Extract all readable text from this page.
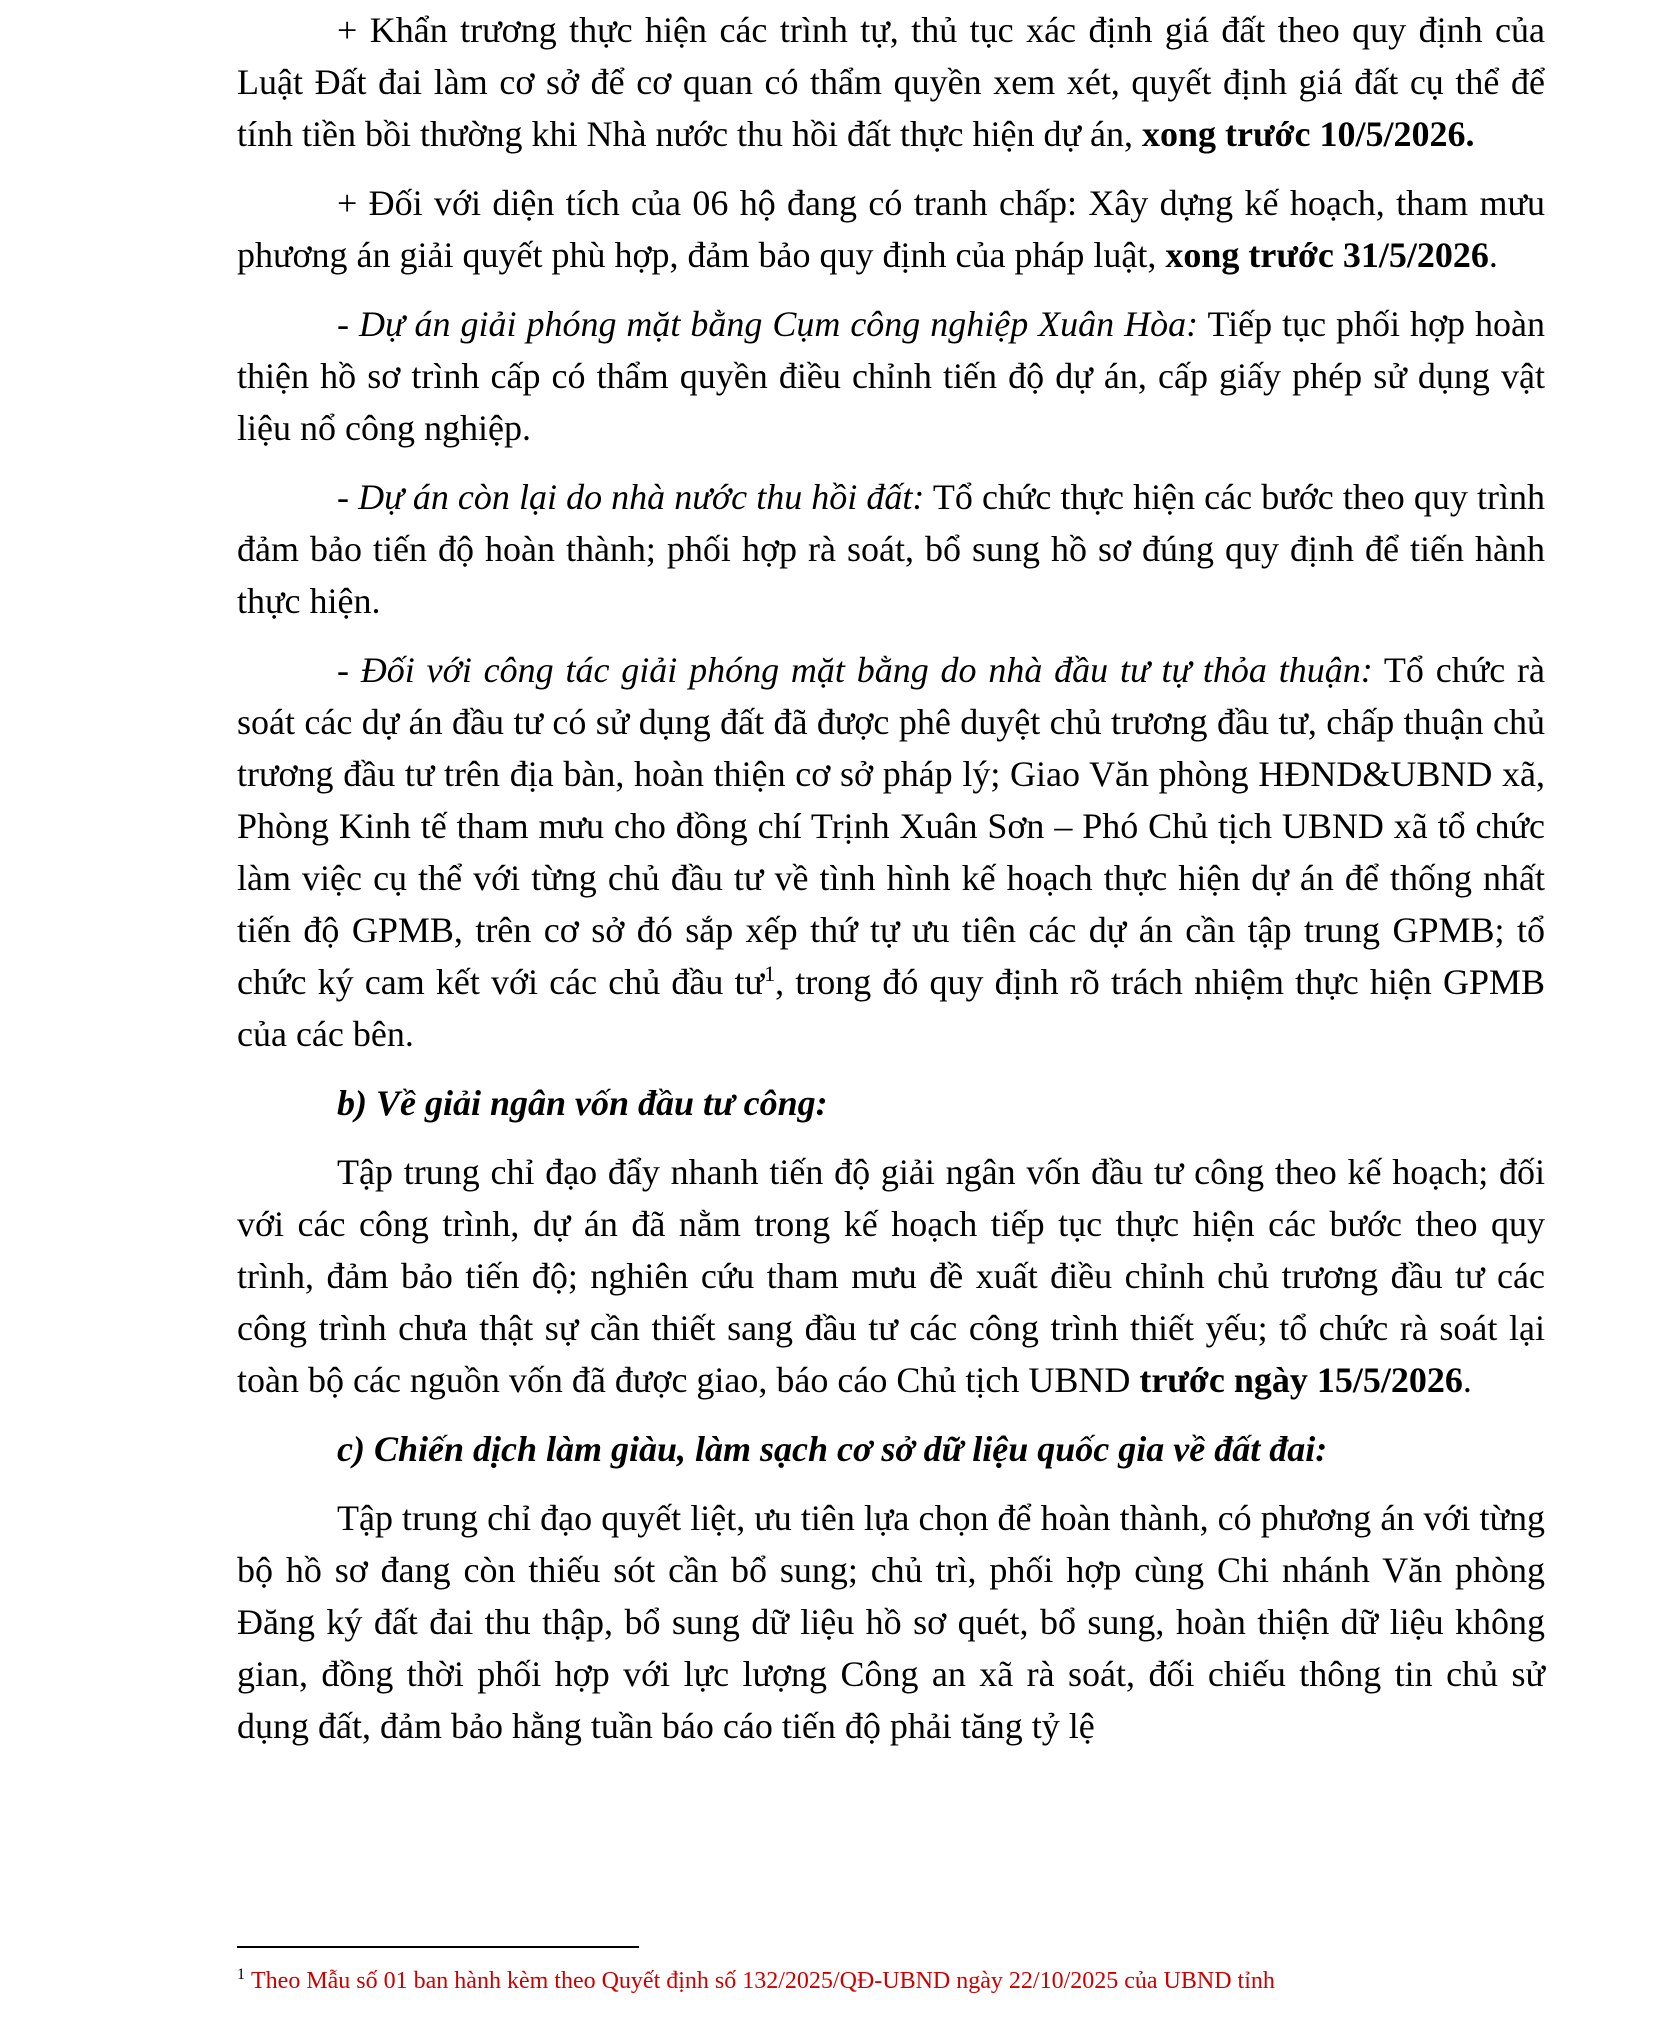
+ Khẩn trương thực hiện các trình tự, thủ tục xác định giá đất theo quy định của Luật Đất đai làm cơ sở để cơ quan có thẩm quyền xem xét, quyết định giá đất cụ thể để tính tiền bồi thường khi Nhà nước thu hồi đất thực hiện dự án, xong trước 10/5/2026.

+ Đối với diện tích của 06 hộ đang có tranh chấp: Xây dựng kế hoạch, tham mưu phương án giải quyết phù hợp, đảm bảo quy định của pháp luật, xong trước 31/5/2026.

- Dự án giải phóng mặt bằng Cụm công nghiệp Xuân Hòa: Tiếp tục phối hợp hoàn thiện hồ sơ trình cấp có thẩm quyền điều chỉnh tiến độ dự án, cấp giấy phép sử dụng vật liệu nổ công nghiệp.

- Dự án còn lại do nhà nước thu hồi đất: Tổ chức thực hiện các bước theo quy trình đảm bảo tiến độ hoàn thành; phối hợp rà soát, bổ sung hồ sơ đúng quy định để tiến hành thực hiện.

- Đối với công tác giải phóng mặt bằng do nhà đầu tư tự thỏa thuận: Tổ chức rà soát các dự án đầu tư có sử dụng đất đã được phê duyệt chủ trương đầu tư, chấp thuận chủ trương đầu tư trên địa bàn, hoàn thiện cơ sở pháp lý; Giao Văn phòng HĐND&UBND xã, Phòng Kinh tế tham mưu cho đồng chí Trịnh Xuân Sơn – Phó Chủ tịch UBND xã tổ chức làm việc cụ thể với từng chủ đầu tư về tình hình kế hoạch thực hiện dự án để thống nhất tiến độ GPMB, trên cơ sở đó sắp xếp thứ tự ưu tiên các dự án cần tập trung GPMB; tổ chức ký cam kết với các chủ đầu $tư^1$, trong đó quy định rõ trách nhiệm thực hiện GPMB của các bên.

b) Về giải ngân vốn đầu tư công:

Tập trung chỉ đạo đẩy nhanh tiến độ giải ngân vốn đầu tư công theo kế hoạch; đối với các công trình, dự án đã nằm trong kế hoạch tiếp tục thực hiện các bước theo quy trình, đảm bảo tiến độ; nghiên cứu tham mưu đề xuất điều chỉnh chủ trương đầu tư các công trình chưa thật sự cần thiết sang đầu tư các công trình thiết yếu; tổ chức rà soát lại toàn bộ các nguồn vốn đã được giao, báo cáo Chủ tịch UBND trước ngày 15/5/2026.

c) Chiến dịch làm giàu, làm sạch cơ sở dữ liệu quốc gia về đất đai:

Tập trung chỉ đạo quyết liệt, ưu tiên lựa chọn để hoàn thành, có phương án với từng bộ hồ sơ đang còn thiếu sót cần bổ sung; chủ trì, phối hợp cùng Chi nhánh Văn phòng Đăng ký đất đai thu thập, bổ sung dữ liệu hồ sơ quét, bổ sung, hoàn thiện dữ liệu không gian, đồng thời phối hợp với lực lượng Công an xã rà soát, đối chiếu thông tin chủ sử dụng đất, đảm bảo hằng tuần báo cáo tiến độ phải tăng tỷ lệ

$^1$ Theo Mẫu số 01 ban hành kèm theo Quyết định số 132/2025/QĐ-UBND ngày 22/10/2025 của UBND tỉnh
